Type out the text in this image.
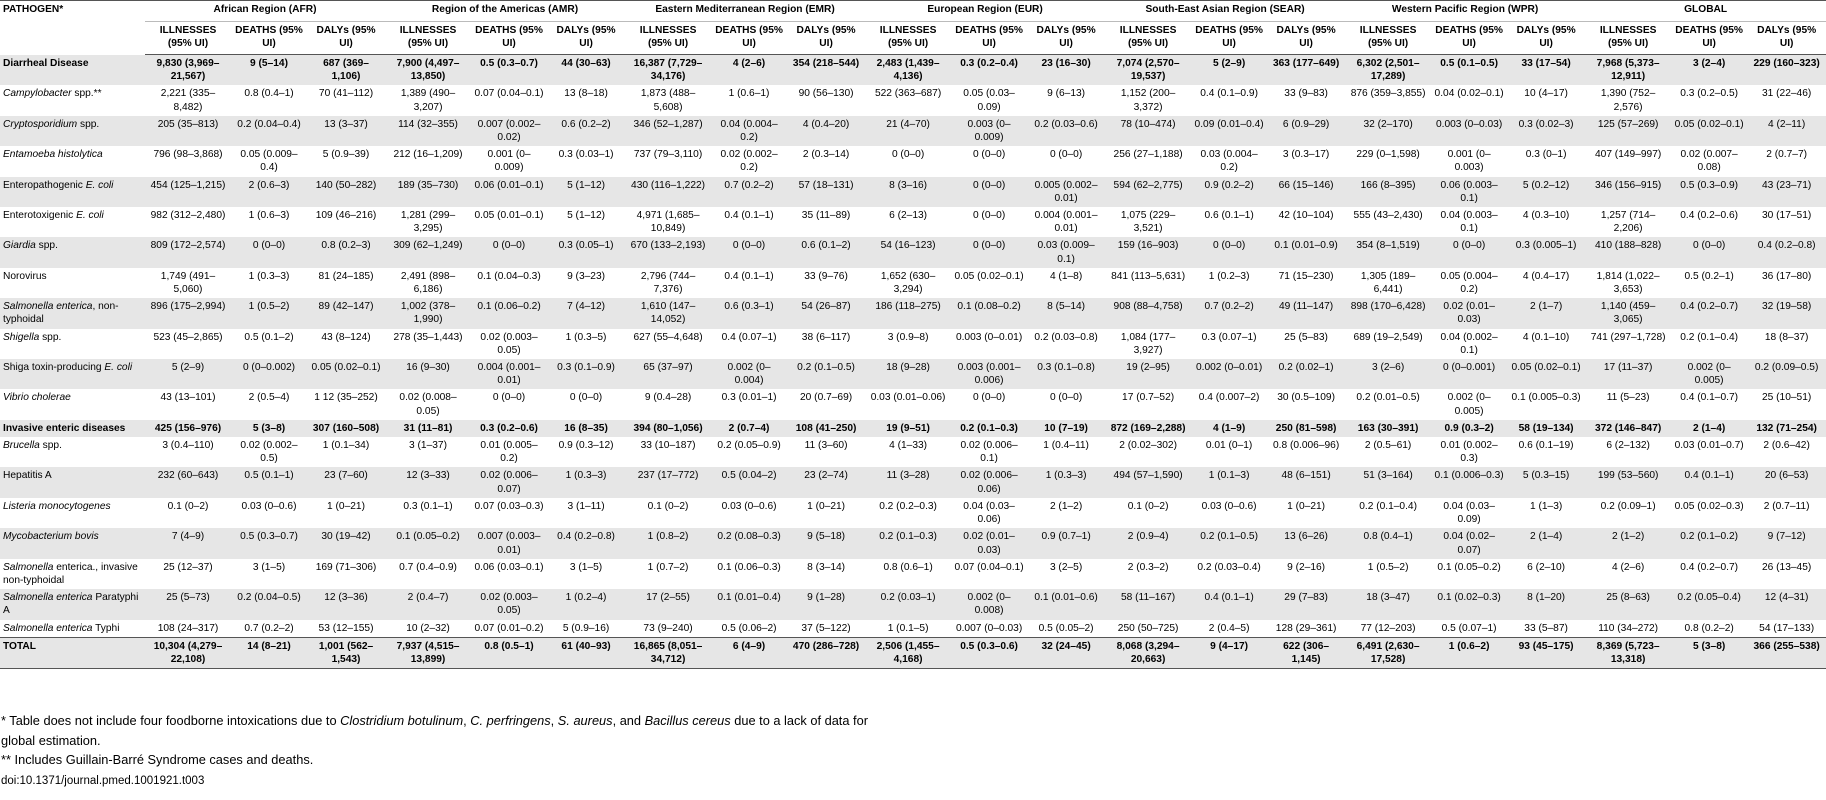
PATHOGEN*	African Region (AFR)			Region of the Americas (AMR)			Eastern Mediterranean Region (EMR)			European Region (EUR)			South-East Asian Region (SEAR)			Western Pacific Region (WPR)			GLOBAL		
	ILLNESSES (95% UI)	DEATHS (95% UI)	DALYs (95% UI)	ILLNESSES (95% UI)	DEATHS (95% UI)	DALYs (95% UI)	ILLNESSES (95% UI)	DEATHS (95% UI)	DALYs (95% UI)	ILLNESSES (95% UI)	DEATHS (95% UI)	DALYs (95% UI)	ILLNESSES (95% UI)	DEATHS (95% UI)	DALYs (95% UI)	ILLNESSES (95% UI)	DEATHS (95% UI)	DALYs (95% UI)	ILLNESSES (95% UI)	DEATHS (95% UI)	DALYs (95% UI)
Diarrheal Disease	9,830 (3,969–21,567)	9 (5–14)	687 (369–1,106)	7,900 (4,497–13,850)	0.5 (0.3–0.7)	44 (30–63)	16,387 (7,729–34,176)	4 (2–6)	354 (218–544)	2,483 (1,439–4,136)	0.3 (0.2–0.4)	23 (16–30)	7,074 (2,570–19,537)	5 (2–9)	363 (177–649)	6,302 (2,501–17,289)	0.5 (0.1–0.5)	33 (17–54)	7,968 (5,373–12,911)	3 (2–4)	229 (160–323)
Campylobacter spp.**	2,221 (335–8,482)	0.8 (0.4–1)	70 (41–112)	1,389 (490–3,207)	0.07 (0.04–0.1)	13 (8–18)	1,873 (488–5,608)	1 (0.6–1)	90 (56–130)	522 (363–687)	0.05 (0.03–0.09)	9 (6–13)	1,152 (200–3,372)	0.4 (0.1–0.9)	33 (9–83)	876 (359–3,855)	0.04 (0.02–0.1)	10 (4–17)	1,390 (752–2,576)	0.3 (0.2–0.5)	31 (22–46)
Cryptosporidium spp.	205 (35–813)	0.2 (0.04–0.4)	13 (3–37)	114 (32–355)	0.007 (0.002–0.02)	0.6 (0.2–2)	346 (52–1,287)	0.04 (0.004–0.2)	4 (0.4–20)	21 (4–70)	0.003 (0–0.009)	0.2 (0.03–0.6)	78 (10–474)	0.09 (0.01–0.4)	6 (0.9–29)	32 (2–170)	0.003 (0–0.03)	0.3 (0.02–3)	125 (57–269)	0.05 (0.02–0.1)	4 (2–11)
Entamoeba histolytica	796 (98–3,868)	0.05 (0.009–0.4)	5 (0.9–39)	212 (16–1,209)	0.001 (0–0.009)	0.3 (0.03–1)	737 (79–3,110)	0.02 (0.002–0.2)	2 (0.3–14)	0 (0–0)	0 (0–0)	0 (0–0)	256 (27–1,188)	0.03 (0.004–0.2)	3 (0.3–17)	229 (0–1,598)	0.001 (0–0.003)	0.3 (0–1)	407 (149–997)	0.02 (0.007–0.08)	2 (0.7–7)
Enteropathogenic E. coli	454 (125–1,215)	2 (0.6–3)	140 (50–282)	189 (35–730)	0.06 (0.01–0.1)	5 (1–12)	430 (116–1,222)	0.7 (0.2–2)	57 (18–131)	8 (3–16)	0 (0–0)	0.005 (0.002–0.01)	594 (62–2,775)	0.9 (0.2–2)	66 (15–146)	166 (8–395)	0.06 (0.003–0.1)	5 (0.2–12)	346 (156–915)	0.5 (0.3–0.9)	43 (23–71)
Enterotoxigenic E. coli	982 (312–2,480)	1 (0.6–3)	109 (46–216)	1,281 (299–3,295)	0.05 (0.01–0.1)	5 (1–12)	4,971 (1,685–10,849)	0.4 (0.1–1)	35 (11–89)	6 (2–13)	0 (0–0)	0.004 (0.001–0.01)	1,075 (229–3,521)	0.6 (0.1–1)	42 (10–104)	555 (43–2,430)	0.04 (0.003–0.1)	4 (0.3–10)	1,257 (714–2,206)	0.4 (0.2–0.6)	30 (17–51)
Giardia spp.	809 (172–2,574)	0 (0–0)	0.8 (0.2–3)	309 (62–1,249)	0 (0–0)	0.3 (0.05–1)	670 (133–2,193)	0 (0–0)	0.6 (0.1–2)	54 (16–123)	0 (0–0)	0.03 (0.009–0.1)	159 (16–903)	0 (0–0)	0.1 (0.01–0.9)	354 (8–1,519)	0 (0–0)	0.3 (0.005–1)	410 (188–828)	0 (0–0)	0.4 (0.2–0.8)
Norovirus	1,749 (491–5,060)	1 (0.3–3)	81 (24–185)	2,491 (898–6,186)	0.1 (0.04–0.3)	9 (3–23)	2,796 (744–7,376)	0.4 (0.1–1)	33 (9–76)	1,652 (630–3,294)	0.05 (0.02–0.1)	4 (1–8)	841 (113–5,631)	1 (0.2–3)	71 (15–230)	1,305 (189–6,441)	0.05 (0.004–0.2)	4 (0.4–17)	1,814 (1,022–3,653)	0.5 (0.2–1)	36 (17–80)
Salmonella enterica, non-typhoidal	896 (175–2,994)	1 (0.5–2)	89 (42–147)	1,002 (378–1,990)	0.1 (0.06–0.2)	7 (4–12)	1,610 (147–14,052)	0.6 (0.3–1)	54 (26–87)	186 (118–275)	0.1 (0.08–0.2)	8 (5–14)	908 (88–4,758)	0.7 (0.2–2)	49 (11–147)	898 (170–6,428)	0.02 (0.01–0.03)	2 (1–7)	1,140 (459–3,065)	0.4 (0.2–0.7)	32 (19–58)
Shigella spp.	523 (45–2,865)	0.5 (0.1–2)	43 (8–124)	278 (35–1,443)	0.02 (0.003–0.05)	1 (0.3–5)	627 (55–4,648)	0.4 (0.07–1)	38 (6–117)	3 (0.9–8)	0.003 (0–0.01)	0.2 (0.03–0.8)	1,084 (177–3,927)	0.3 (0.07–1)	25 (5–83)	689 (19–2,549)	0.04 (0.002–0.1)	4 (0.1–10)	741 (297–1,728)	0.2 (0.1–0.4)	18 (8–37)
Shiga toxin-producing E. coli	5 (2–9)	0 (0–0.002)	0.05 (0.02–0.1)	16 (9–30)	0.004 (0.001–0.01)	0.3 (0.1–0.9)	65 (37–97)	0.002 (0–0.004)	0.2 (0.1–0.5)	18 (9–28)	0.003 (0.001–0.006)	0.3 (0.1–0.8)	19 (2–95)	0.002 (0–0.01)	0.2 (0.02–1)	3 (2–6)	0 (0–0.001)	0.05 (0.02–0.1)	17 (11–37)	0.002 (0–0.005)	0.2 (0.09–0.5)
Vibrio cholerae	43 (13–101)	2 (0.5–4)	1 12 (35–252)	0.02 (0.008–0.05)	0 (0–0)	0 (0–0)	9 (0.4–28)	0.3 (0.01–1)	20 (0.7–69)	0.03 (0.01–0.06)	0 (0–0)	0 (0–0)	17 (0.7–52)	0.4 (0.007–2)	30 (0.5–109)	0.2 (0.01–0.5)	0.002 (0–0.005)	0.1 (0.005–0.3)	11 (5–23)	0.4 (0.1–0.7)	25 (10–51)
Invasive enteric diseases	425 (156–976)	5 (3–8)	307 (160–508)	31 (11–81)	0.3 (0.2–0.6)	16 (8–35)	394 (80–1,056)	2 (0.7–4)	108 (41–250)	19 (9–51)	0.2 (0.1–0.3)	10 (7–19)	872 (169–2,288)	4 (1–9)	250 (81–598)	163 (30–391)	0.9 (0.3–2)	58 (19–134)	372 (146–847)	2 (1–4)	132 (71–254)
Brucella spp.	3 (0.4–110)	0.02 (0.002–0.5)	1 (0.1–34)	3 (1–37)	0.01 (0.005–0.2)	0.9 (0.3–12)	33 (10–187)	0.2 (0.05–0.9)	11 (3–60)	4 (1–33)	0.02 (0.006–0.1)	1 (0.4–11)	2 (0.02–302)	0.01 (0–1)	0.8 (0.006–96)	2 (0.5–61)	0.01 (0.002–0.3)	0.6 (0.1–19)	6 (2–132)	0.03 (0.01–0.7)	2 (0.6–42)
Hepatitis A	232 (60–643)	0.5 (0.1–1)	23 (7–60)	12 (3–33)	0.02 (0.006–0.07)	1 (0.3–3)	237 (17–772)	0.5 (0.04–2)	23 (2–74)	11 (3–28)	0.02 (0.006–0.06)	1 (0.3–3)	494 (57–1,590)	1 (0.1–3)	48 (6–151)	51 (3–164)	0.1 (0.006–0.3)	5 (0.3–15)	199 (53–560)	0.4 (0.1–1)	20 (6–53)
Listeria monocytogenes	0.1 (0–2)	0.03 (0–0.6)	1 (0–21)	0.3 (0.1–1)	0.07 (0.03–0.3)	3 (1–11)	0.1 (0–2)	0.03 (0–0.6)	1 (0–21)	0.2 (0.2–0.3)	0.04 (0.03–0.06)	2 (1–2)	0.1 (0–2)	0.03 (0–0.6)	1 (0–21)	0.2 (0.1–0.4)	0.04 (0.03–0.09)	1 (1–3)	0.2 (0.09–1)	0.05 (0.02–0.3)	2 (0.7–11)
Mycobacterium bovis	7 (4–9)	0.5 (0.3–0.7)	30 (19–42)	0.1 (0.05–0.2)	0.007 (0.003–0.01)	0.4 (0.2–0.8)	1 (0.8–2)	0.2 (0.08–0.3)	9 (5–18)	0.2 (0.1–0.3)	0.02 (0.01–0.03)	0.9 (0.7–1)	2 (0.9–4)	0.2 (0.1–0.5)	13 (6–26)	0.8 (0.4–1)	0.04 (0.02–0.07)	2 (1–4)	2 (1–2)	0.2 (0.1–0.2)	9 (7–12)
Salmonella enterica., invasive non-typhoidal	25 (12–37)	3 (1–5)	169 (71–306)	0.7 (0.4–0.9)	0.06 (0.03–0.1)	3 (1–5)	1 (0.7–2)	0.1 (0.06–0.3)	8 (3–14)	0.8 (0.6–1)	0.07 (0.04–0.1)	3 (2–5)	2 (0.3–2)	0.2 (0.03–0.4)	9 (2–16)	1 (0.5–2)	0.1 (0.05–0.2)	6 (2–10)	4 (2–6)	0.4 (0.2–0.7)	26 (13–45)
Salmonella enterica Paratyphi A	25 (5–73)	0.2 (0.04–0.5)	12 (3–36)	2 (0.4–7)	0.02 (0.003–0.05)	1 (0.2–4)	17 (2–55)	0.1 (0.01–0.4)	9 (1–28)	0.2 (0.03–1)	0.002 (0–0.008)	0.1 (0.01–0.6)	58 (11–167)	0.4 (0.1–1)	29 (7–83)	18 (3–47)	0.1 (0.02–0.3)	8 (1–20)	25 (8–63)	0.2 (0.05–0.4)	12 (4–31)
Salmonella enterica Typhi	108 (24–317)	0.7 (0.2–2)	53 (12–155)	10 (2–32)	0.07 (0.01–0.2)	5 (0.9–16)	73 (9–240)	0.5 (0.06–2)	37 (5–122)	1 (0.1–5)	0.007 (0–0.03)	0.5 (0.05–2)	250 (50–725)	2 (0.4–5)	128 (29–361)	77 (12–203)	0.5 (0.07–1)	33 (5–87)	110 (34–272)	0.8 (0.2–2)	54 (17–133)
TOTAL	10,304 (4,279–22,108)	14 (8–21)	1,001 (562–1,543)	7,937 (4,515–13,899)	0.8 (0.5–1)	61 (40–93)	16,865 (8,051–34,712)	6 (4–9)	470 (286–728)	2,506 (1,455–4,168)	0.5 (0.3–0.6)	32 (24–45)	8,068 (3,294–20,663)	9 (4–17)	622 (306–1,145)	6,491 (2,630–17,528)	1 (0.6–2)	93 (45–175)	8,369 (5,723–13,318)	5 (3–8)	366 (255–538)

* Table does not include four foodborne intoxications due to Clostridium botulinum, C. perfringens, S. aureus, and Bacillus cereus due to a lack of data for

global estimation.

** Includes Guillain-Barré Syndrome cases and deaths.

doi:10.1371/journal.pmed.1001921.t003
